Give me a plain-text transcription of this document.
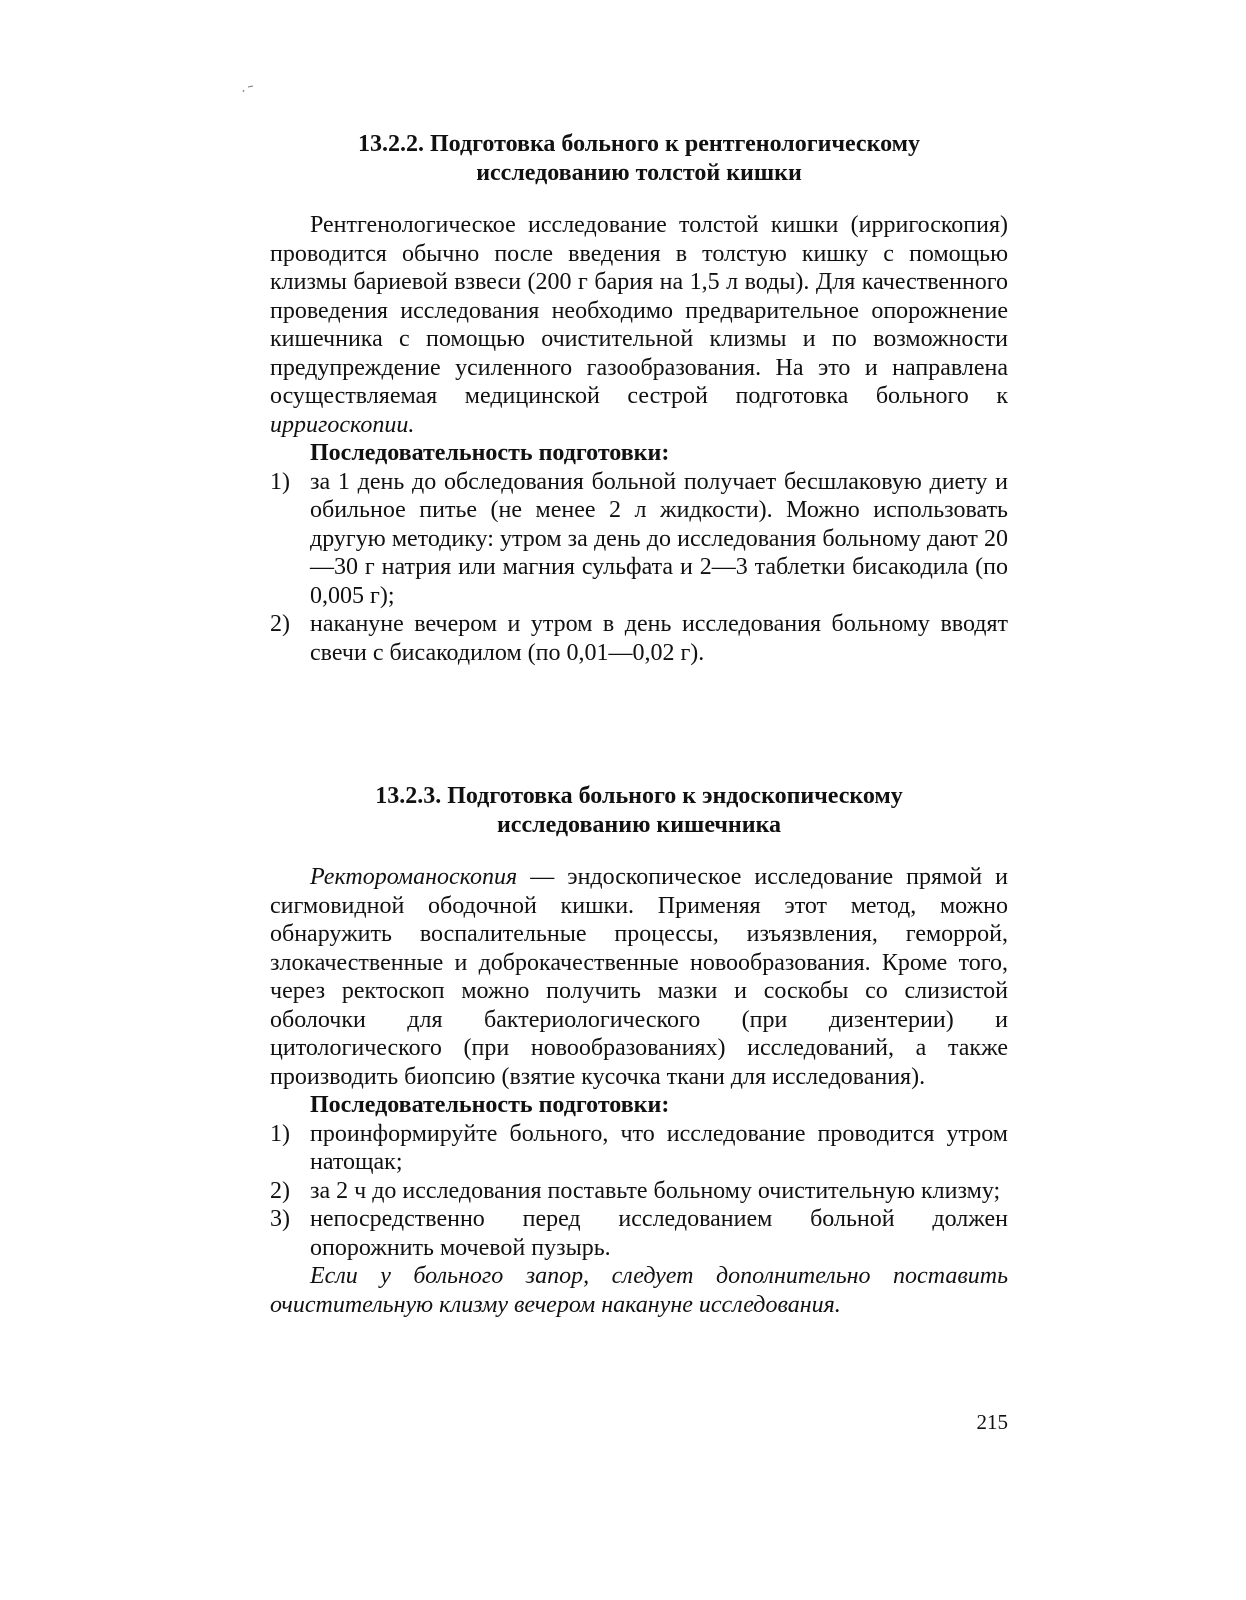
13.2.2. Подготовка больного к рентгенологическому
исследованию толстой кишки

Рентгенологическое исследование толстой кишки (ирригоскопия) проводится обычно после введения в толстую кишку с помощью клизмы бариевой взвеси (200 г бария на 1,5 л воды). Для качественного проведения исследования необходимо предварительное опорожнение кишечника с помощью очистительной клизмы и по возможности предупреждение усиленного газообразования. На это и направлена осуществляемая медицинской сестрой подготовка больного к ирригоскопии.

Последовательность подготовки:

1) за 1 день до обследования больной получает бесшлаковую диету и обильное питье (не менее 2 л жидкости). Можно использовать другую методику: утром за день до исследования больному дают 20—30 г натрия или магния сульфата и 2—3 таблетки бисакодила (по 0,005 г);
2) накануне вечером и утром в день исследования больному вводят свечи с бисакодилом (по 0,01—0,02 г).
13.2.3. Подготовка больного к эндоскопическому
исследованию кишечника

Ректороманоскопия — эндоскопическое исследование прямой и сигмовидной ободочной кишки. Применяя этот метод, можно обнаружить воспалительные процессы, изъязвления, геморрой, злокачественные и доброкачественные новообразования. Кроме того, через ректоскоп можно получить мазки и соскобы со слизистой оболочки для бактериологического (при дизентерии) и цитологического (при новообразованиях) исследований, а также производить биопсию (взятие кусочка ткани для исследования).

Последовательность подготовки:

1) проинформируйте больного, что исследование проводится утром натощак;
2) за 2 ч до исследования поставьте больному очистительную клизму;
3) непосредственно перед исследованием больной должен опорожнить мочевой пузырь.

Если у больного запор, следует дополнительно поставить очистительную клизму вечером накануне исследования.

215
